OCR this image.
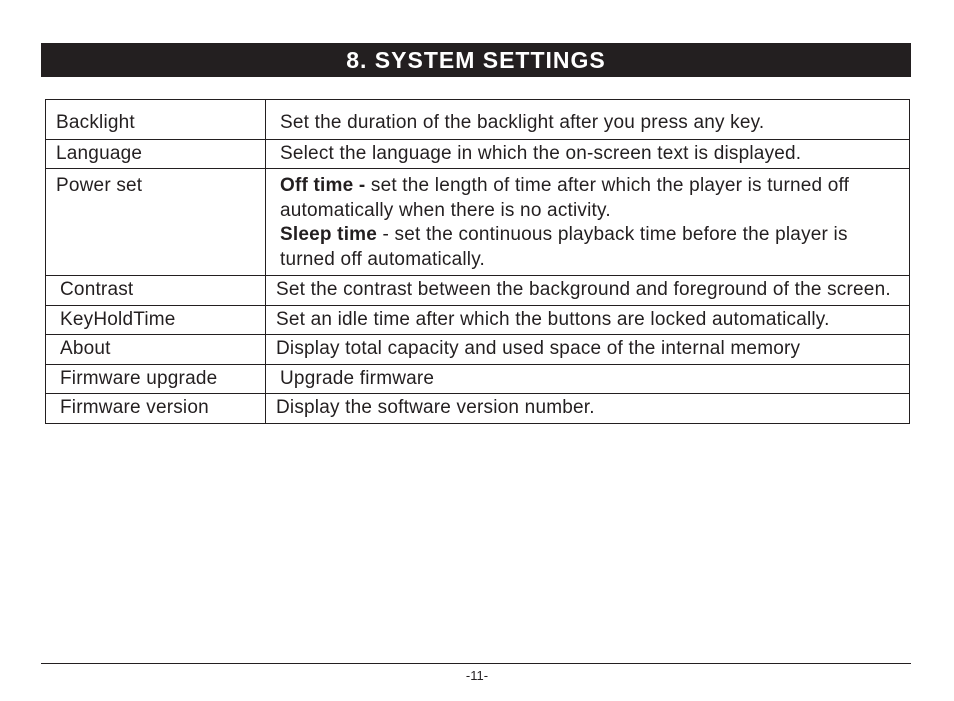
8. SYSTEM SETTINGS
Backlight	Set the duration of the backlight after you press any key.

Language	Select the language in which the on-screen text is displayed.

Power set	Off time - set the length of time after which the player is turned off automatically when there is no activity.
Sleep time - set the continuous playback time before the player is turned off automatically.

Contrast	Set the contrast between the background and foreground of the screen.

KeyHoldTime	Set an idle time after which the buttons are locked automatically.

About	Display total capacity and used space of the internal memory

Firmware upgrade	Upgrade firmware

Firmware version	Display the software version number.
-11-
